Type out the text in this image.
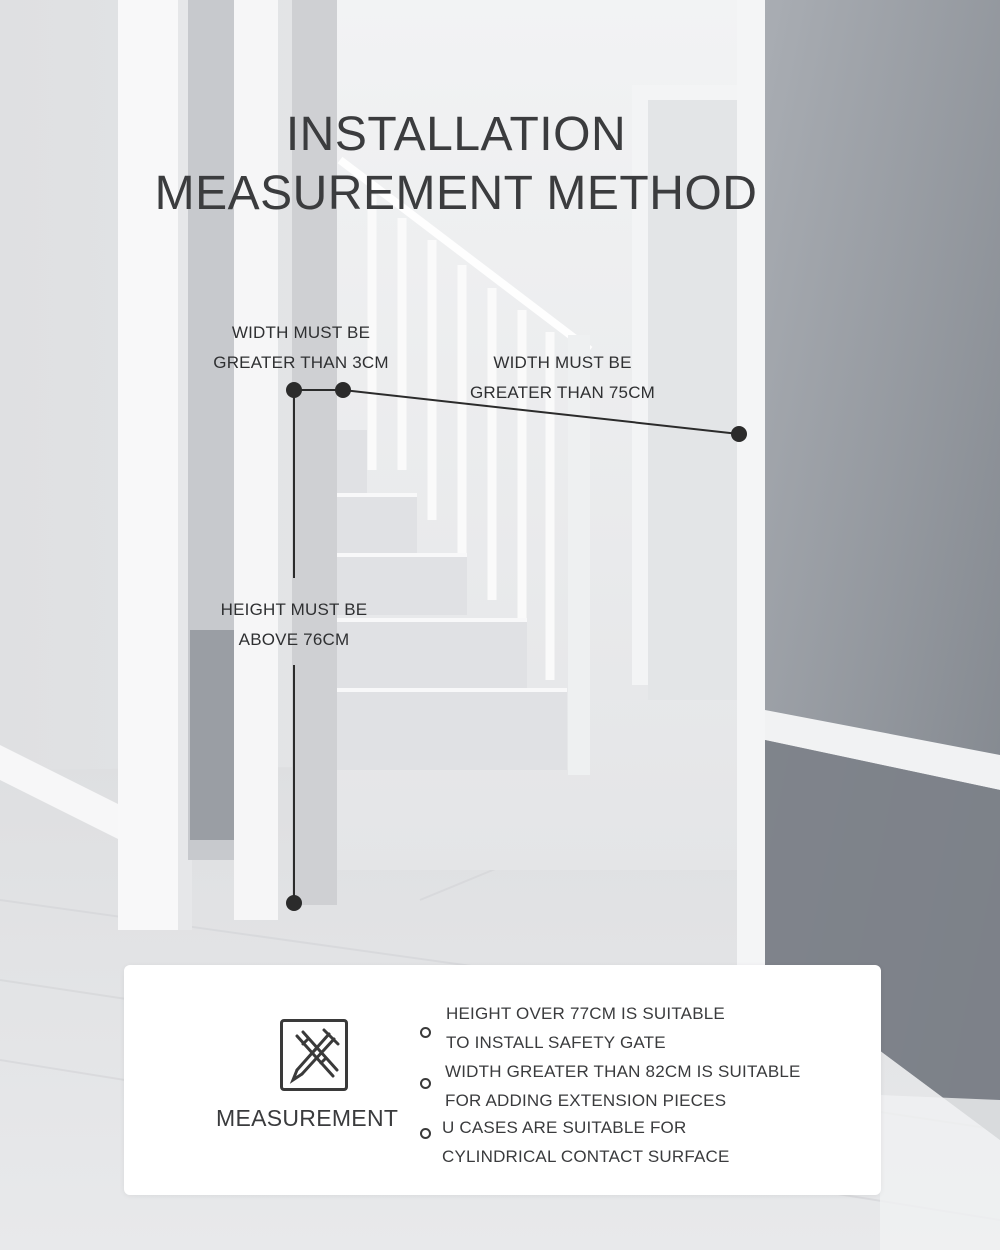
INSTALLATION
MEASUREMENT METHOD
WIDTH MUST BE
GREATER THAN 3CM	WIDTH MUST BE
GREATER THAN 75CM
HEIGHT MUST BE
ABOVE 76CM
MEASUREMENT
HEIGHT OVER 77CM IS SUITABLE
TO INSTALL SAFETY GATE
WIDTH GREATER THAN 82CM IS SUITABLE
FOR ADDING EXTENSION PIECES
U CASES ARE SUITABLE FOR
CYLINDRICAL CONTACT SURFACE
